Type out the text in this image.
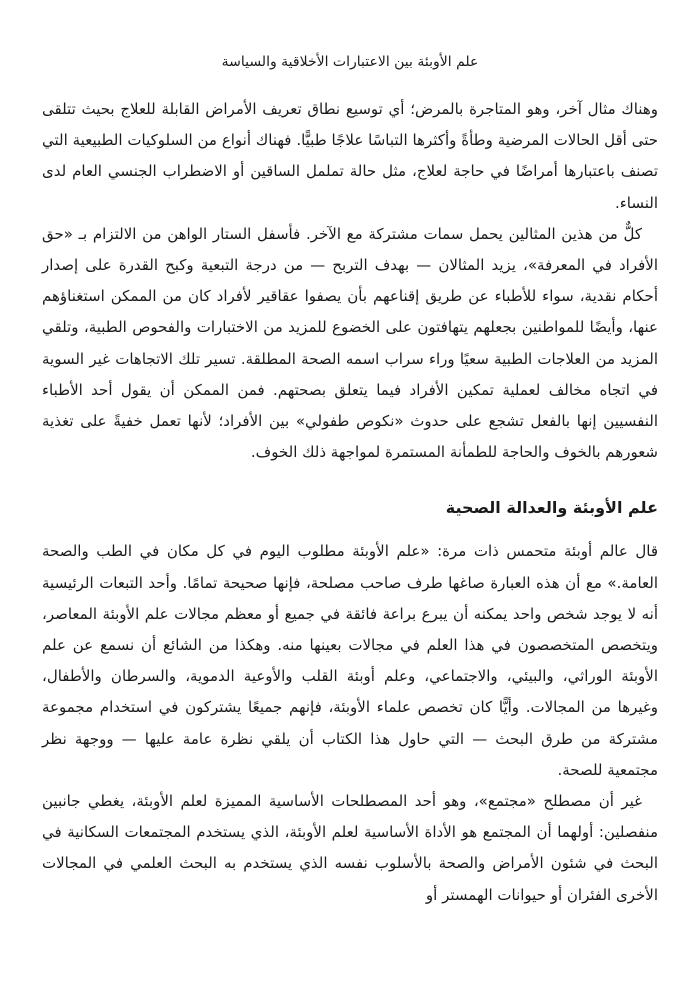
علم الأوبئة بين الاعتبارات الأخلاقية والسياسة

وهناك مثال آخر، وهو المتاجرة بالمرض؛ أي توسيع نطاق تعريف الأمراض القابلة للعلاج بحيث تتلقى حتى أقل الحالات المرضية وطأةً وأكثرها التباسًا علاجًا طبيًّا. فهناك أنواع من السلوكيات الطبيعية التي تصنف باعتبارها أمراضًا في حاجة لعلاج، مثل حالة تململ الساقين أو الاضطراب الجنسي العام لدى النساء.

كلٌّ من هذين المثالين يحمل سمات مشتركة مع الآخر. فأسفل الستار الواهن من الالتزام بـ «حق الأفراد في المعرفة»، يزيد المثالان — بهدف التربح — من درجة التبعية وكبح القدرة على إصدار أحكام نقدية، سواء للأطباء عن طريق إقناعهم بأن يصفوا عقاقير لأفراد كان من الممكن استغناؤهم عنها، وأيضًا للمواطنين بجعلهم يتهافتون على الخضوع للمزيد من الاختبارات والفحوص الطبية، وتلقي المزيد من العلاجات الطبية سعيًا وراء سراب اسمه الصحة المطلقة. تسير تلك الاتجاهات غير السوية في اتجاه مخالف لعملية تمكين الأفراد فيما يتعلق بصحتهم. فمن الممكن أن يقول أحد الأطباء النفسيين إنها بالفعل تشجع على حدوث «نكوص طفولي» بين الأفراد؛ لأنها تعمل خفيةً على تغذية شعورهم بالخوف والحاجة للطمأنة المستمرة لمواجهة ذلك الخوف.

علم الأوبئة والعدالة الصحية

قال عالم أوبئة متحمس ذات مرة: «علم الأوبئة مطلوب اليوم في كل مكان في الطب والصحة العامة.» مع أن هذه العبارة صاغها طرف صاحب مصلحة، فإنها صحيحة تمامًا. وأحد التبعات الرئيسية أنه لا يوجد شخص واحد يمكنه أن يبرع براعة فائقة في جميع أو معظم مجالات علم الأوبئة المعاصر، ويتخصص المتخصصون في هذا العلم في مجالات بعينها منه. وهكذا من الشائع أن نسمع عن علم الأوبئة الوراثي، والبيئي، والاجتماعي، وعلم أوبئة القلب والأوعية الدموية، والسرطان والأطفال، وغيرها من المجالات. وأيًّا كان تخصص علماء الأوبئة، فإنهم جميعًا يشتركون في استخدام مجموعة مشتركة من طرق البحث — التي حاول هذا الكتاب أن يلقي نظرة عامة عليها — ووجهة نظر مجتمعية للصحة.

غير أن مصطلح «مجتمع»، وهو أحد المصطلحات الأساسية المميزة لعلم الأوبئة، يغطي جانبين منفصلين: أولهما أن المجتمع هو الأداة الأساسية لعلم الأوبئة، الذي يستخدم المجتمعات السكانية في البحث في شئون الأمراض والصحة بالأسلوب نفسه الذي يستخدم به البحث العلمي في المجالات الأخرى الفئران أو حيوانات الهمستر أو
